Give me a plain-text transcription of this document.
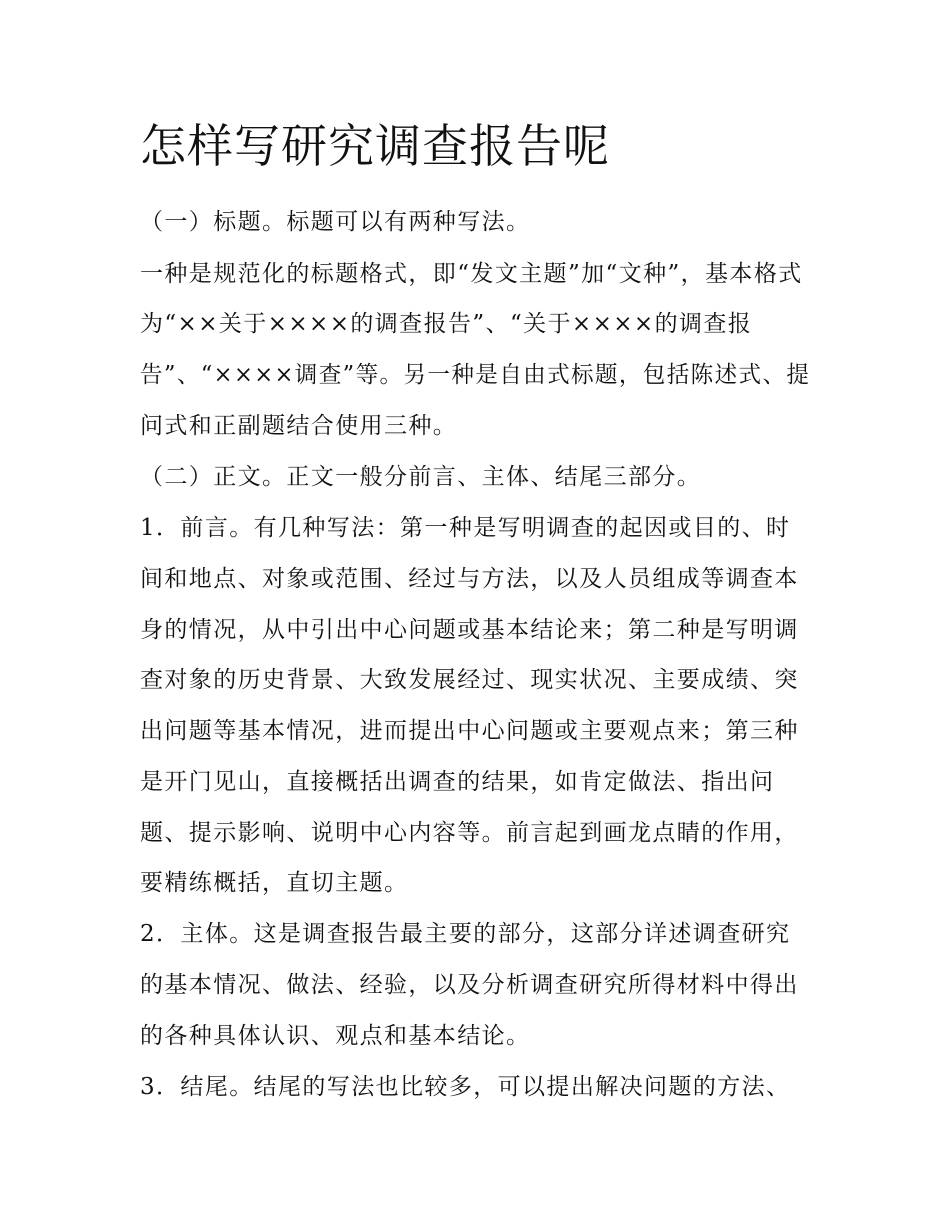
怎样写研究调查报告呢

（一）标题。标题可以有两种写法。

一种是规范化的标题格式，即“发文主题”加“文种”，基本格式

为“××关于××××的调查报告”、“关于××××的调查报

告”、“××××调查”等。另一种是自由式标题，包括陈述式、提

问式和正副题结合使用三种。

（二）正文。正文一般分前言、主体、结尾三部分。

1．前言。有几种写法：第一种是写明调查的起因或目的、时

间和地点、对象或范围、经过与方法，以及人员组成等调查本

身的情况，从中引出中心问题或基本结论来；第二种是写明调

查对象的历史背景、大致发展经过、现实状况、主要成绩、突

出问题等基本情况，进而提出中心问题或主要观点来；第三种

是开门见山，直接概括出调查的结果，如肯定做法、指出问

题、提示影响、说明中心内容等。前言起到画龙点睛的作用，

要精练概括，直切主题。

2．主体。这是调查报告最主要的部分，这部分详述调查研究

的基本情况、做法、经验，以及分析调查研究所得材料中得出

的各种具体认识、观点和基本结论。

3．结尾。结尾的写法也比较多，可以提出解决问题的方法、
